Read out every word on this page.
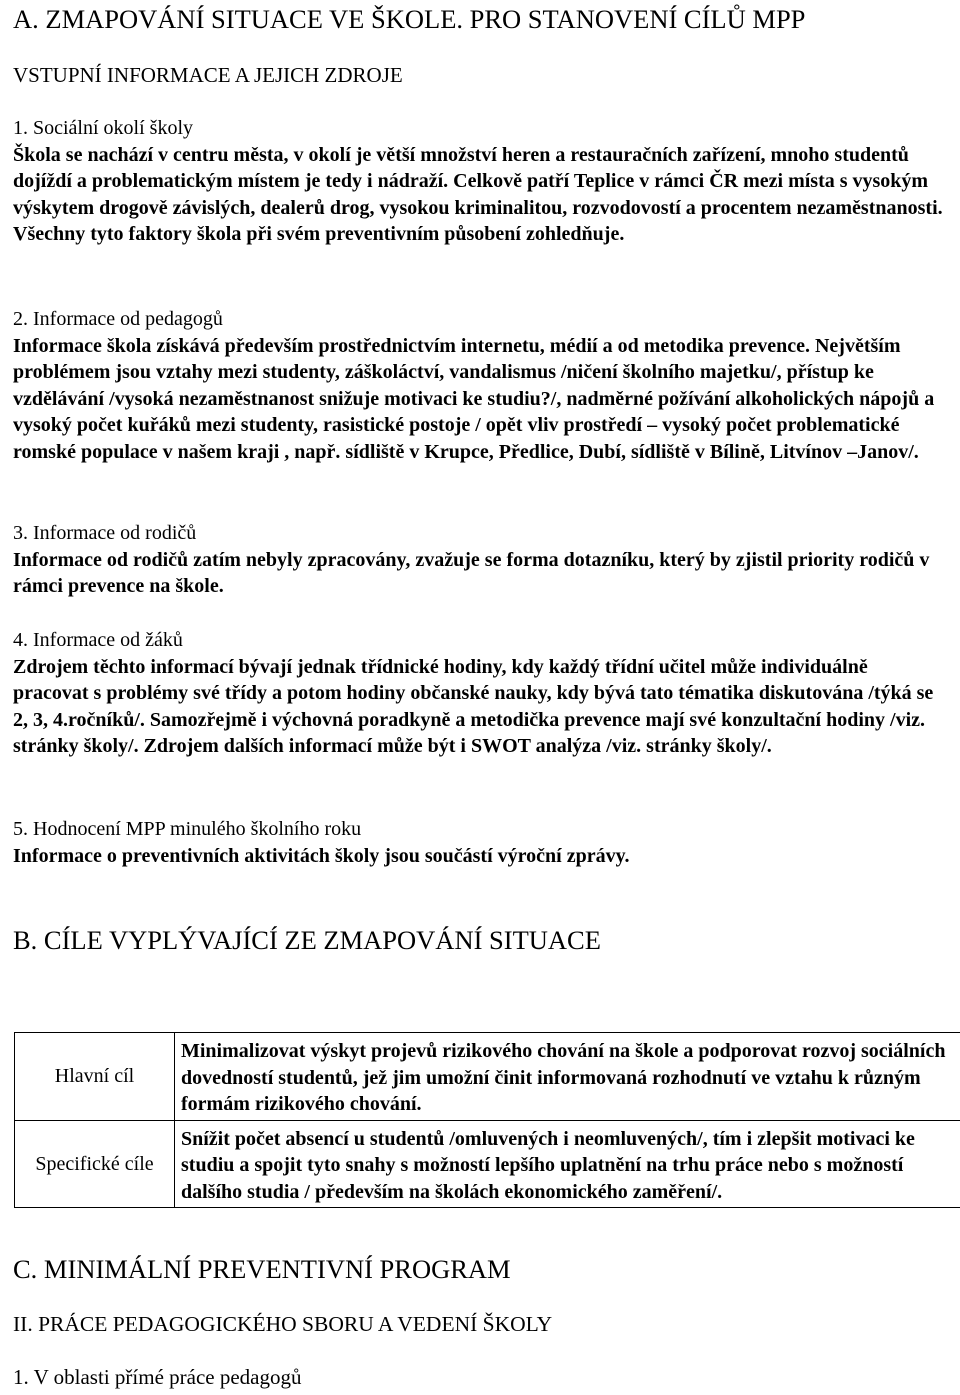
A. ZMAPOVÁNÍ SITUACE VE ŠKOLE. PRO STANOVENÍ CÍLŮ MPP
VSTUPNÍ INFORMACE A JEJICH ZDROJE
1. Sociální okolí školy
Škola se nachází v centru města, v okolí je větší množství heren a restauračních zařízení, mnoho studentů dojíždí a problematickým místem je tedy i nádraží. Celkově patří Teplice v rámci ČR mezi místa s vysokým výskytem drogově závislých, dealerů drog, vysokou kriminalitou, rozvodovostí a procentem nezaměstnanosti. Všechny tyto faktory škola při svém preventivním působení zohledňuje.
2. Informace od pedagogů
Informace škola získává především prostřednictvím internetu, médií a od metodika prevence. Největším problémem jsou vztahy mezi studenty, záškoláctví, vandalismus /ničení školního majetku/, přístup ke vzdělávání /vysoká nezaměstnanost snižuje motivaci ke studiu?/, nadměrné požívání alkoholických nápojů a vysoký počet kuřáků mezi studenty, rasistické postoje / opět vliv prostředí – vysoký počet problematické romské populace v našem kraji , např. sídliště v Krupce, Předlice, Dubí, sídliště v Bílině, Litvínov –Janov/.
3. Informace od rodičů
Informace od rodičů zatím nebyly zpracovány, zvažuje se forma dotazníku, který by zjistil priority rodičů v rámci prevence na škole.
4. Informace od žáků
Zdrojem těchto informací bývají jednak třídnické hodiny, kdy každý třídní učitel může individuálně pracovat s problémy své třídy a potom hodiny občanské nauky, kdy bývá tato tématika diskutována /týká se 2, 3, 4.ročníků/. Samozřejmě i výchovná poradkyně a metodička prevence mají své konzultační hodiny /viz. stránky školy/. Zdrojem dalších informací může být i SWOT analýza /viz. stránky školy/.
5. Hodnocení MPP minulého školního roku
Informace o preventivních aktivitách školy jsou součástí výroční zprávy.
B. CÍLE VYPLÝVAJÍCÍ ZE ZMAPOVÁNÍ SITUACE
Hlavní cíl	Minimalizovat výskyt projevů rizikového chování na škole a podporovat rozvoj sociálních dovedností studentů, jež jim umožní činit informovaná rozhodnutí ve vztahu k různým formám rizikového chování.
Specifické cíle	Snížit počet absencí u studentů /omluvených i neomluvených/, tím i zlepšit motivaci ke studiu a spojit tyto snahy s možností lepšího uplatnění na trhu práce nebo s možností dalšího studia / především na školách ekonomického zaměření/.
C. MINIMÁLNÍ PREVENTIVNÍ PROGRAM
II. PRÁCE PEDAGOGICKÉHO SBORU A VEDENÍ ŠKOLY
1. V oblasti přímé práce pedagogů
